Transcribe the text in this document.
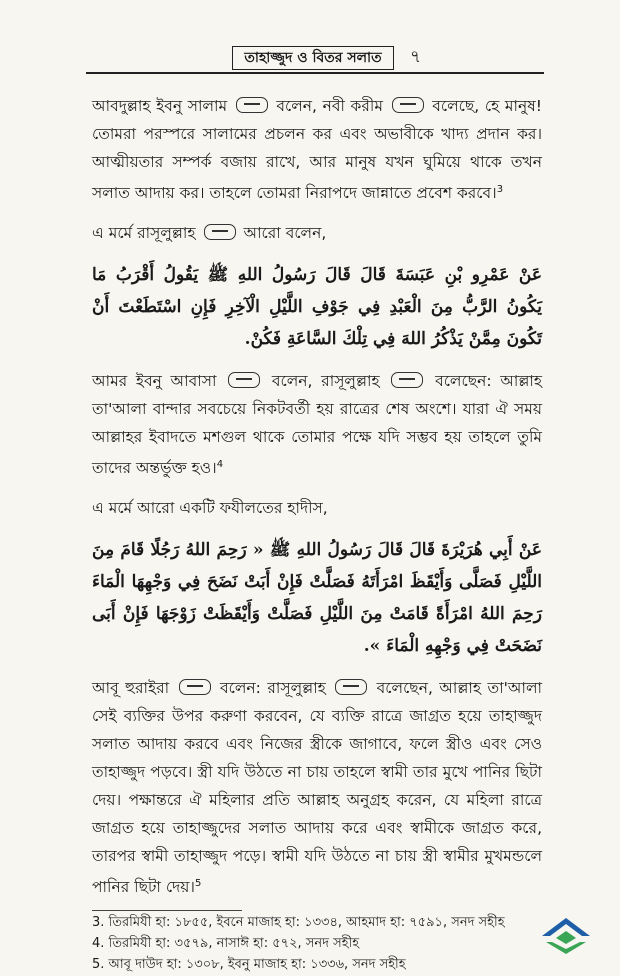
তাহাজ্জুদ ও বিতর সলাত	৭

আবদুল্লাহ ইবনু সালাম	বলেন, নবী করীম	বলেছে, হে মানুষ! তোমরা পরস্পরে সালামের প্রচলন কর এবং অভাবীকে খাদ্য প্রদান কর। আত্মীয়তার সম্পর্ক বজায় রাখে, আর মানুষ যখন ঘুমিয়ে থাকে তখন সলাত আদায় কর। তাহলে তোমরা নিরাপদে জান্নাতে প্রবেশ করবে।$^3$

এ মর্মে রাসূলুল্লাহ	আরো বলেন,

عَنْ عَمْرِو بْنِ عَبَسَةَ قَالَ قَالَ رَسُولُ اللهِ ﷺ يَقُولُ أَقْرَبُ مَا يَكُونُ الرَّبُّ مِنَ الْعَبْدِ فِي جَوْفِ اللَّيْلِ الْآخِرِ فَإِنِ اسْتَطَعْتَ أَنْ تَكُونَ مِمَّنْ يَذْكُرُ اللهَ فِي تِلْكَ السَّاعَةِ فَكُنْ.

আমর ইবনু আবাসা	বলেন, রাসূলুল্লাহ	বলেছেন: আল্লাহ তা'আলা বান্দার সবচেয়ে নিকটবর্তী হয় রাত্রের শেষ অংশে। যারা ঐ সময় আল্লাহর ইবাদতে মশগুল থাকে তোমার পক্ষে যদি সম্ভব হয় তাহলে তুমি তাদের অন্তর্ভুক্ত হও।$^4$

এ মর্মে আরো একটি ফযীলতের হাদীস,

عَنْ أَبِي هُرَيْرَةَ قَالَ قَالَ رَسُولُ اللهِ ﷺ « رَحِمَ اللهُ رَجُلًا قَامَ مِنَ اللَّيْلِ فَصَلَّى وَأَيْقَظَ امْرَأَتَهُ فَصَلَّتْ فَإِنْ أَبَتْ نَضَحَ فِي وَجْهِهَا الْمَاءَ رَحِمَ اللهُ امْرَأَةً قَامَتْ مِنَ اللَّيْلِ فَصَلَّتْ وَأَيْقَظَتْ زَوْجَهَا فَإِنْ أَبَى نَضَحَتْ فِي وَجْهِهِ الْمَاءَ ».

আবূ হুরাইরা	বলেন: রাসূলুল্লাহ	বলেছেন, আল্লাহ তা'আলা সেই ব্যক্তির উপর করুণা করবেন, যে ব্যক্তি রাত্রে জাগ্রত হয়ে তাহাজ্জুদ সলাত আদায় করবে এবং নিজের স্ত্রীকে জাগাবে, ফলে স্ত্রীও এবং সেও তাহাজ্জুদ পড়বে। স্ত্রী যদি উঠতে না চায় তাহলে স্বামী তার মুখে পানির ছিটা দেয়। পক্ষান্তরে ঐ মহিলার প্রতি আল্লাহ অনুগ্রহ করেন, যে মহিলা রাত্রে জাগ্রত হয়ে তাহাজ্জুদের সলাত আদায় করে এবং স্বামীকে জাগ্রত করে, তারপর স্বামী তাহাজ্জুদ পড়ে। স্বামী যদি উঠতে না চায় স্ত্রী স্বামীর মুখমন্ডলে পানির ছিটা দেয়।$^5$

3. তিরমিযী হা: ১৮৫৫, ইবনে মাজাহ হা: ১৩৩৪, আহমাদ হা: ৭৫৯১, সনদ সহীহ

4. তিরমিযী হা: ৩৫৭৯, নাসাঈ হা: ৫৭২, সনদ সহীহ

5. আবূ দাউদ হা: ১৩০৮, ইবনু মাজাহ হা: ১৩৩৬, সনদ সহীহ
